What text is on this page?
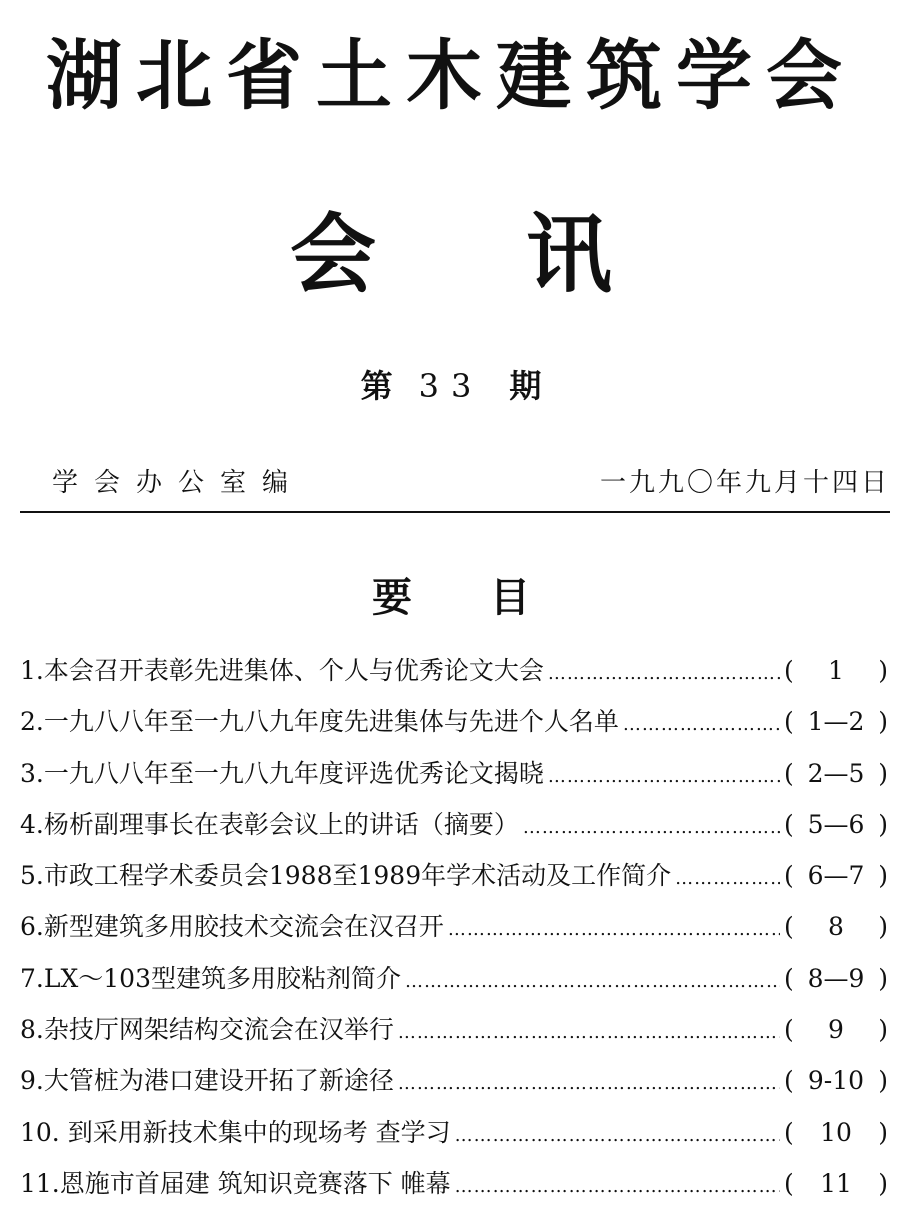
湖北省土木建筑学会
会 讯
第 33 期
学会办公室编	一九九〇年九月十四日
要 目
1.本会召开表彰先进集体、个人与优秀论文大会 ……………………………………………………………………………………………………………………………	(	1	)
2.一九八八年至一九八九年度先进集体与先进个人名单 ……………………………………………………………………………………………………………………………	( 1—2 )
3.一九八八年至一九八九年度评选优秀论文揭晓 ……………………………………………………………………………………………………………………………	( 2—5 )
4.杨析副理事长在表彰会议上的讲话（摘要） ……………………………………………………………………………………………………………………………	( 5—6 )
5.市政工程学术委员会1988至1989年学术活动及工作简介 ……………………………………………………………………………………………………………………………	( 6—7 )
6.新型建筑多用胶技术交流会在汉召开 ……………………………………………………………………………………………………………………………	(	8	)
7.LX～103型建筑多用胶粘剂简介 ……………………………………………………………………………………………………………………………	( 8—9 )
8.杂技厅网架结构交流会在汉举行 ……………………………………………………………………………………………………………………………	(	9	)
9.大管桩为港口建设开拓了新途径 ……………………………………………………………………………………………………………………………	( 9-10 )
10. 到采用新技术集中的现场考 查学习 ……………………………………………………………………………………………………………………………	(	10	)
11.恩施市首届建 筑知识竞赛落下 帷幕 ……………………………………………………………………………………………………………………………	(	11	)
